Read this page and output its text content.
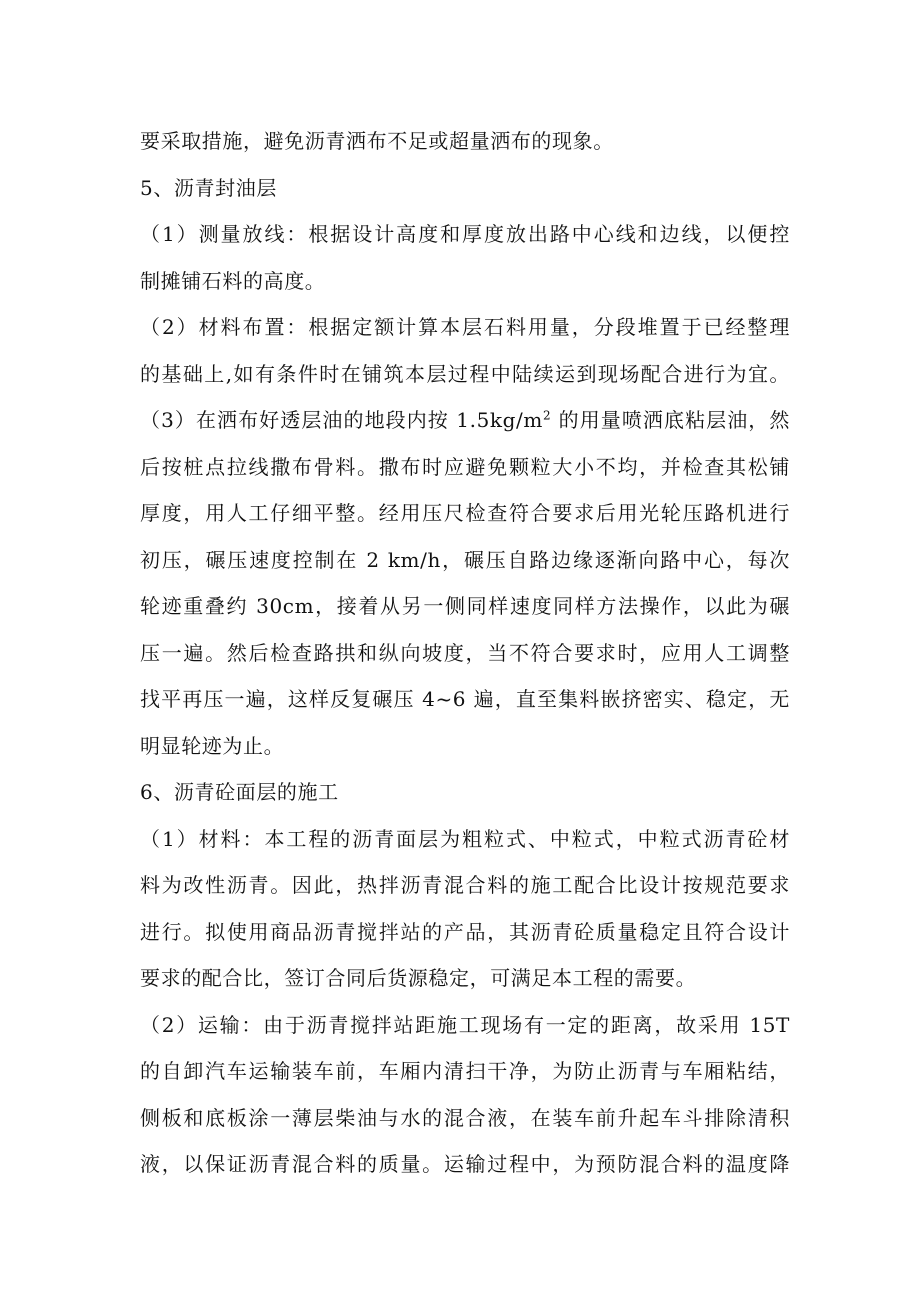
要采取措施，避免沥青洒布不足或超量洒布的现象。
5、沥青封油层
（1）测量放线：根据设计高度和厚度放出路中心线和边线，以便控
制摊铺石料的高度。
（2）材料布置：根据定额计算本层石料用量，分段堆置于已经整理
的基础上,如有条件时在铺筑本层过程中陆续运到现场配合进行为宜。
（3）在洒布好透层油的地段内按 $1.5kg/m^2$ 的用量喷洒底粘层油，然
后按桩点拉线撒布骨料。撒布时应避免颗粒大小不均，并检查其松铺
厚度，用人工仔细平整。经用压尺检查符合要求后用光轮压路机进行
初压，碾压速度控制在 2 km/h，碾压自路边缘逐渐向路中心，每次
轮迹重叠约 30cm，接着从另一侧同样速度同样方法操作，以此为碾
压一遍。然后检查路拱和纵向坡度，当不符合要求时，应用人工调整
找平再压一遍，这样反复碾压 4~6 遍，直至集料嵌挤密实、稳定，无
明显轮迹为止。
6、沥青砼面层的施工
（1）材料：本工程的沥青面层为粗粒式、中粒式，中粒式沥青砼材
料为改性沥青。因此，热拌沥青混合料的施工配合比设计按规范要求
进行。拟使用商品沥青搅拌站的产品，其沥青砼质量稳定且符合设计
要求的配合比，签订合同后货源稳定，可满足本工程的需要。
（2）运输：由于沥青搅拌站距施工现场有一定的距离，故采用 15T
的自卸汽车运输装车前，车厢内清扫干净，为防止沥青与车厢粘结，
侧板和底板涂一薄层柴油与水的混合液，在装车前升起车斗排除清积
液，以保证沥青混合料的质量。运输过程中，为预防混合料的温度降
